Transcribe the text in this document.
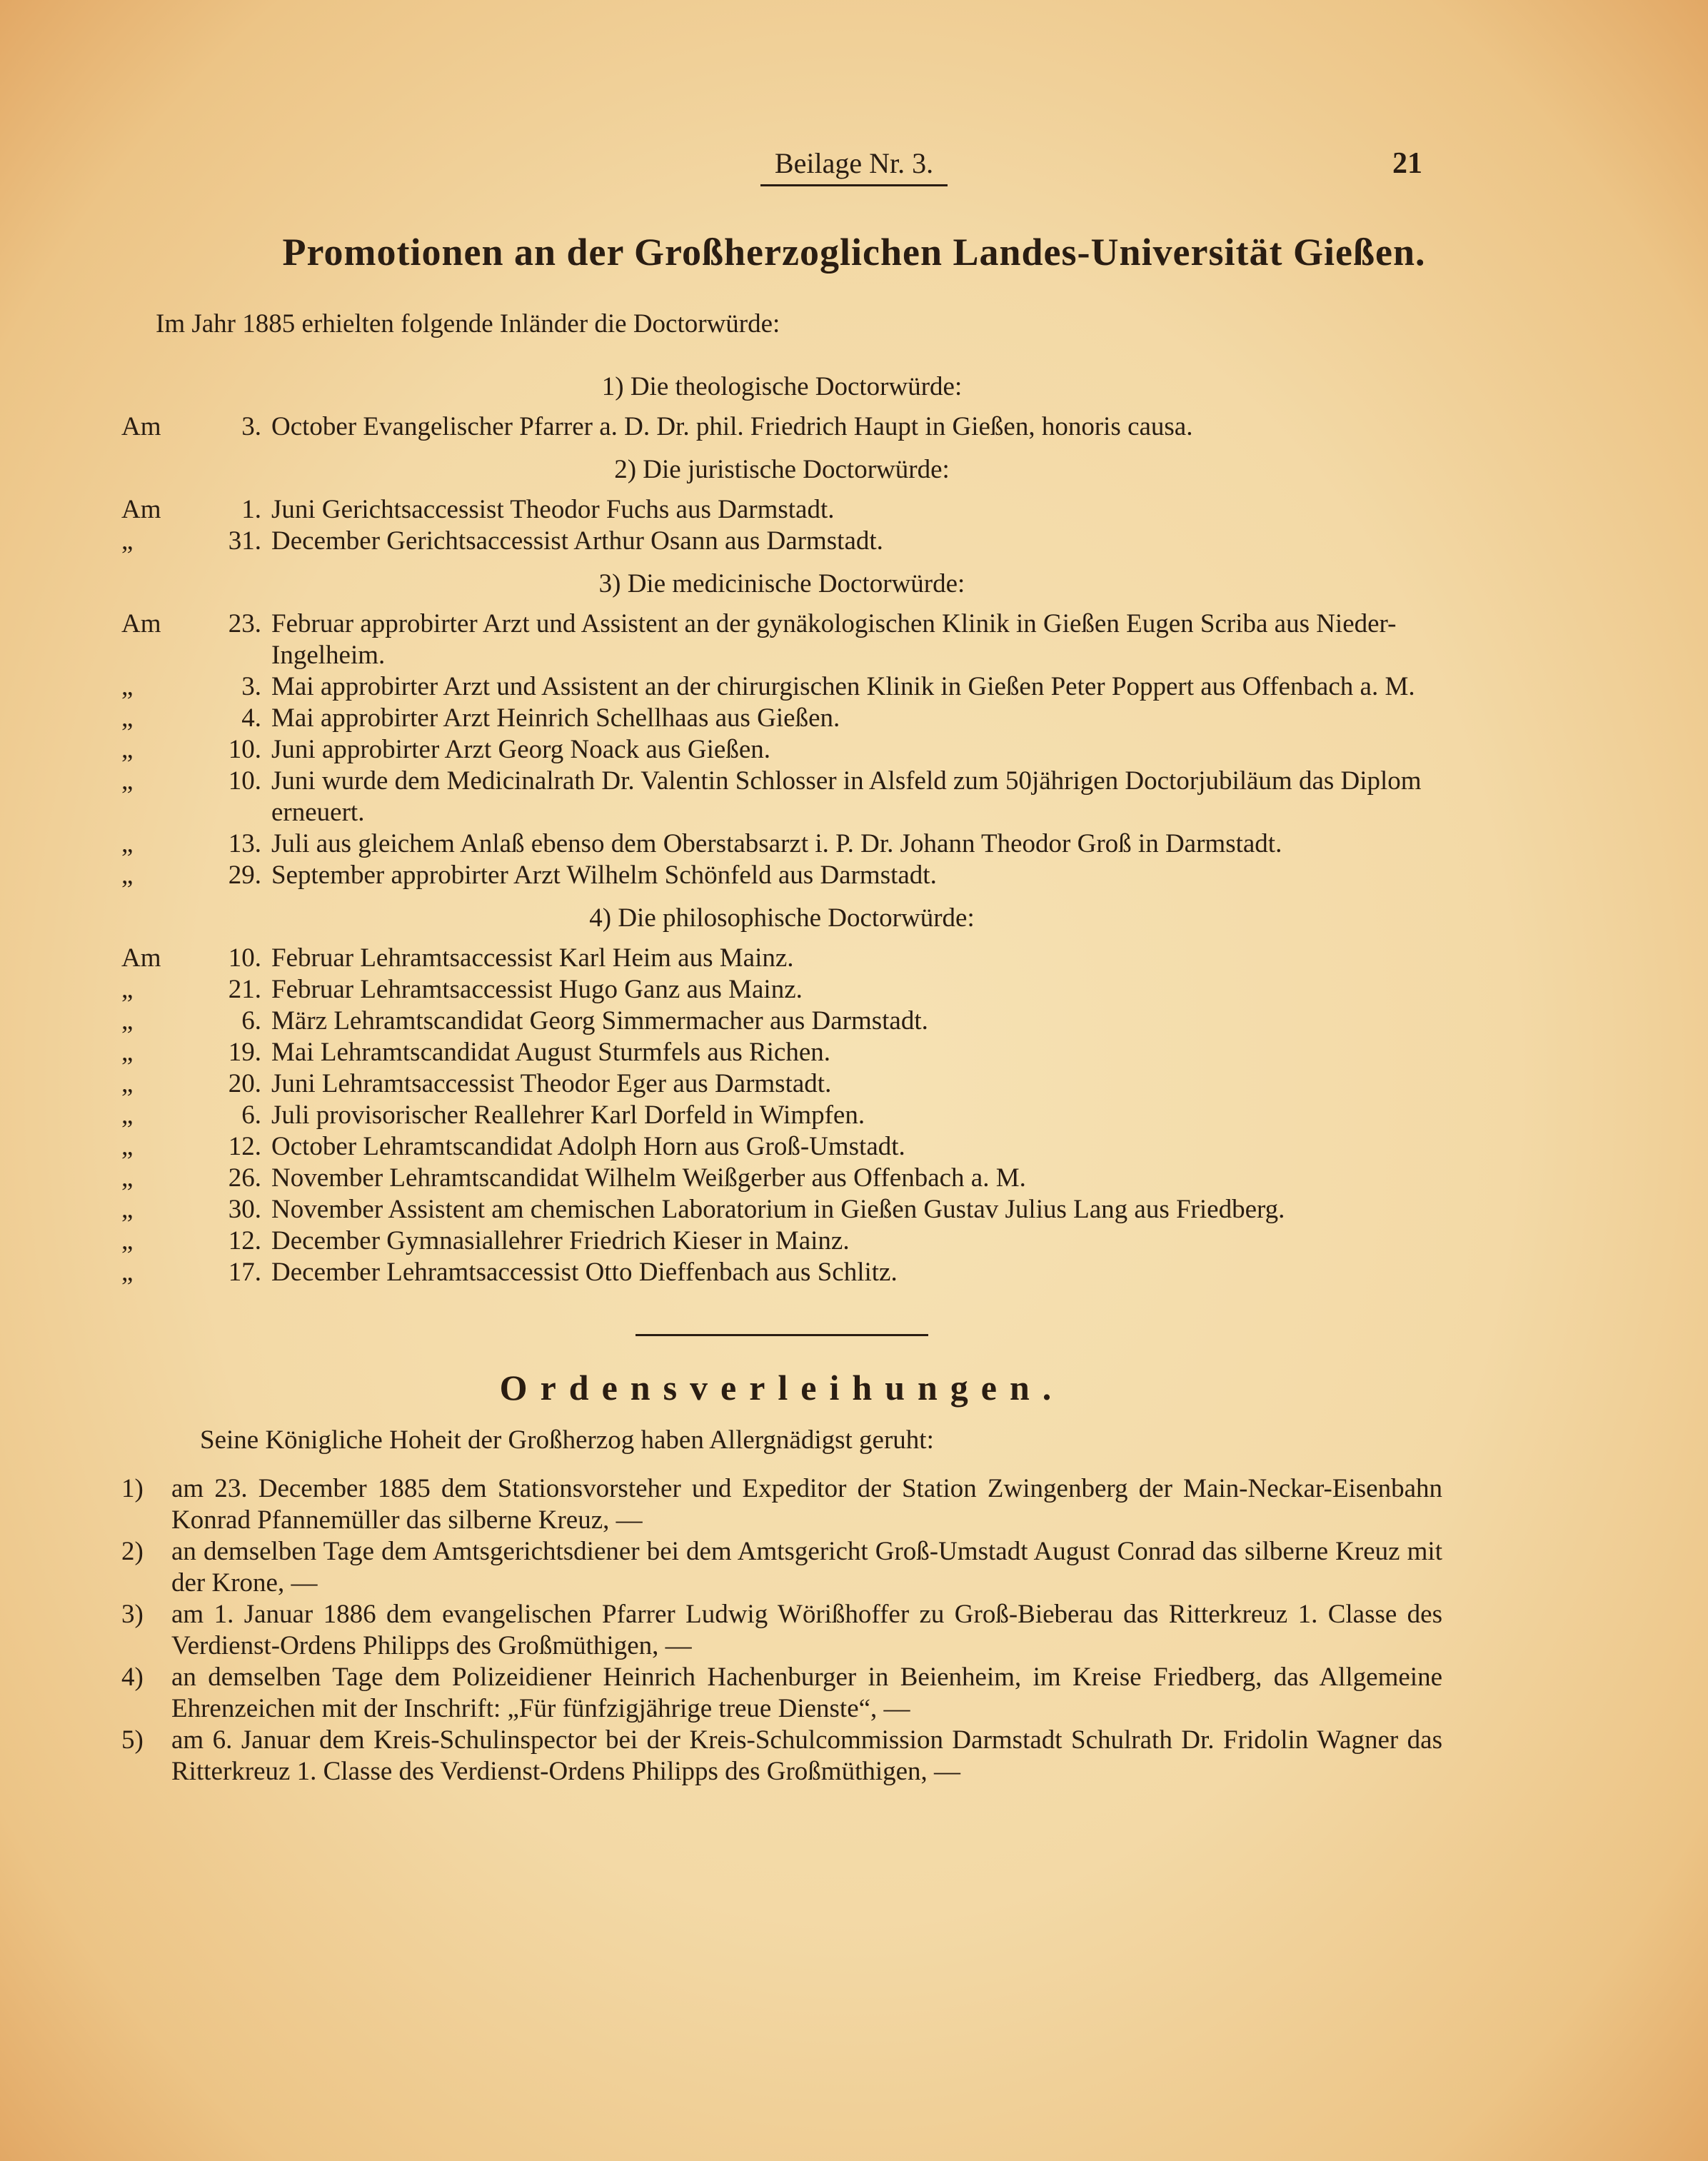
Beilage Nr. 3.	21
Promotionen an der Großherzoglichen Landes-Universität Gießen.
Im Jahr 1885 erhielten folgende Inländer die Doctorwürde:
1) Die theologische Doctorwürde:
Am	3. October Evangelischer Pfarrer a. D. Dr. phil. Friedrich Haupt in Gießen, honoris causa.
2) Die juristische Doctorwürde:
Am	1. Juni Gerichtsaccessist Theodor Fuchs aus Darmstadt.
„	31. December Gerichtsaccessist Arthur Osann aus Darmstadt.
3) Die medicinische Doctorwürde:
Am	23. Februar approbirter Arzt und Assistent an der gynäkologischen Klinik in Gießen Eugen Scriba aus Nieder-Ingelheim.
„	3. Mai approbirter Arzt und Assistent an der chirurgischen Klinik in Gießen Peter Poppert aus Offenbach a. M.
„	4. Mai approbirter Arzt Heinrich Schellhaas aus Gießen.
„	10. Juni approbirter Arzt Georg Noack aus Gießen.
„	10. Juni wurde dem Medicinalrath Dr. Valentin Schlosser in Alsfeld zum 50jährigen Doctorjubiläum das Diplom erneuert.
„	13. Juli aus gleichem Anlaß ebenso dem Oberstabsarzt i. P. Dr. Johann Theodor Groß in Darmstadt.
„	29. September approbirter Arzt Wilhelm Schönfeld aus Darmstadt.
4) Die philosophische Doctorwürde:
Am	10. Februar Lehramtsaccessist Karl Heim aus Mainz.
„	21. Februar Lehramtsaccessist Hugo Ganz aus Mainz.
„	6. März Lehramtscandidat Georg Simmermacher aus Darmstadt.
„	19. Mai Lehramtscandidat August Sturmfels aus Richen.
„	20. Juni Lehramtsaccessist Theodor Eger aus Darmstadt.
„	6. Juli provisorischer Reallehrer Karl Dorfeld in Wimpfen.
„	12. October Lehramtscandidat Adolph Horn aus Groß-Umstadt.
„	26. November Lehramtscandidat Wilhelm Weißgerber aus Offenbach a. M.
„	30. November Assistent am chemischen Laboratorium in Gießen Gustav Julius Lang aus Friedberg.
„	12. December Gymnasiallehrer Friedrich Kieser in Mainz.
„	17. December Lehramtsaccessist Otto Dieffenbach aus Schlitz.
Ordensverleihungen.
Seine Königliche Hoheit der Großherzog haben Allergnädigst geruht:
1)	am 23. December 1885 dem Stationsvorsteher und Expeditor der Station Zwingenberg der Main-Neckar-Eisenbahn Konrad Pfannemüller das silberne Kreuz, —
2)	an demselben Tage dem Amtsgerichtsdiener bei dem Amtsgericht Groß-Umstadt August Conrad das silberne Kreuz mit der Krone, —
3)	am 1. Januar 1886 dem evangelischen Pfarrer Ludwig Wörißhoffer zu Groß-Bieberau das Ritterkreuz 1. Classe des Verdienst-Ordens Philipps des Großmüthigen, —
4)	an demselben Tage dem Polizeidiener Heinrich Hachenburger in Beienheim, im Kreise Friedberg, das Allgemeine Ehrenzeichen mit der Inschrift: „Für fünfzigjährige treue Dienste“, —
5)	am 6. Januar dem Kreis-Schulinspector bei der Kreis-Schulcommission Darmstadt Schulrath Dr. Fridolin Wagner das Ritterkreuz 1. Classe des Verdienst-Ordens Philipps des Großmüthigen, —
